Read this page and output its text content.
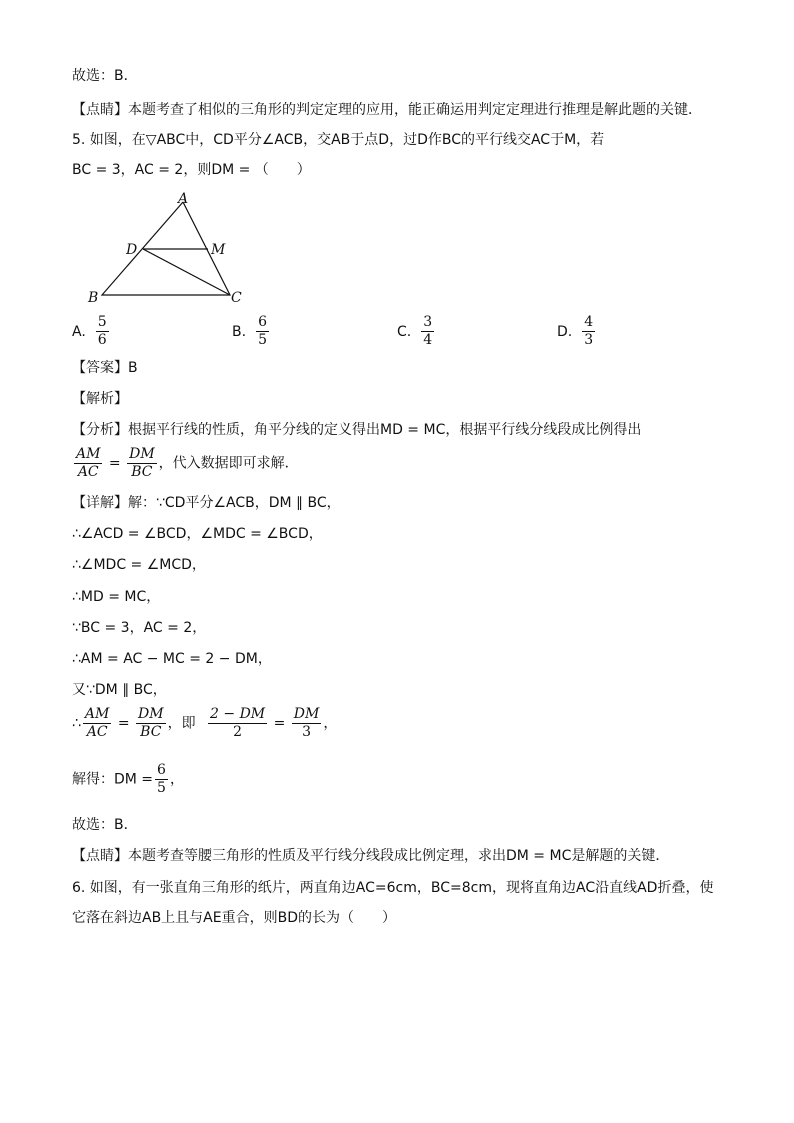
故选：B．
【点睛】本题考查了相似的三角形的判定定理的应用，能正确运用判定定理进行推理是解此题的关键．
5. 如图，在▽ABC中，CD平分∠ACB，交AB于点D，过D作BC的平行线交AC于M，若
BC = 3，AC = 2，则DM = （　　）
A
D	M
B	C
A. $\frac{5}{6}$	B. $\frac{6}{5}$	C. $\frac{3}{4}$	D. $\frac{4}{3}$
【答案】B
【解析】
【分析】根据平行线的性质，角平分线的定义得出MD = MC，根据平行线分线段成比例得出
$\frac{AM}{AC} = \frac{DM}{BC}$ ，代入数据即可求解．
【详解】解：∵CD平分∠ACB，DM ∥ BC，
∴∠ACD = ∠BCD，∠MDC = ∠BCD，
∴∠MDC = ∠MCD，
∴MD = MC，
∵BC = 3，AC = 2，
∴AM = AC − MC = 2 − DM，
又∵DM ∥ BC，
∴ $\frac{AM}{AC} = \frac{DM}{BC}$ ，即 $\frac{2 - DM}{2} = \frac{DM}{3}$ ，
解得：DM = $\frac{6}{5}$ ，
故选：B．
【点睛】本题考查等腰三角形的性质及平行线分线段成比例定理，求出DM = MC是解题的关键．
6. 如图，有一张直角三角形的纸片，两直角边AC=6cm，BC=8cm，现将直角边AC沿直线AD折叠，使
它落在斜边AB上且与AE重合，则BD的长为（　　）
